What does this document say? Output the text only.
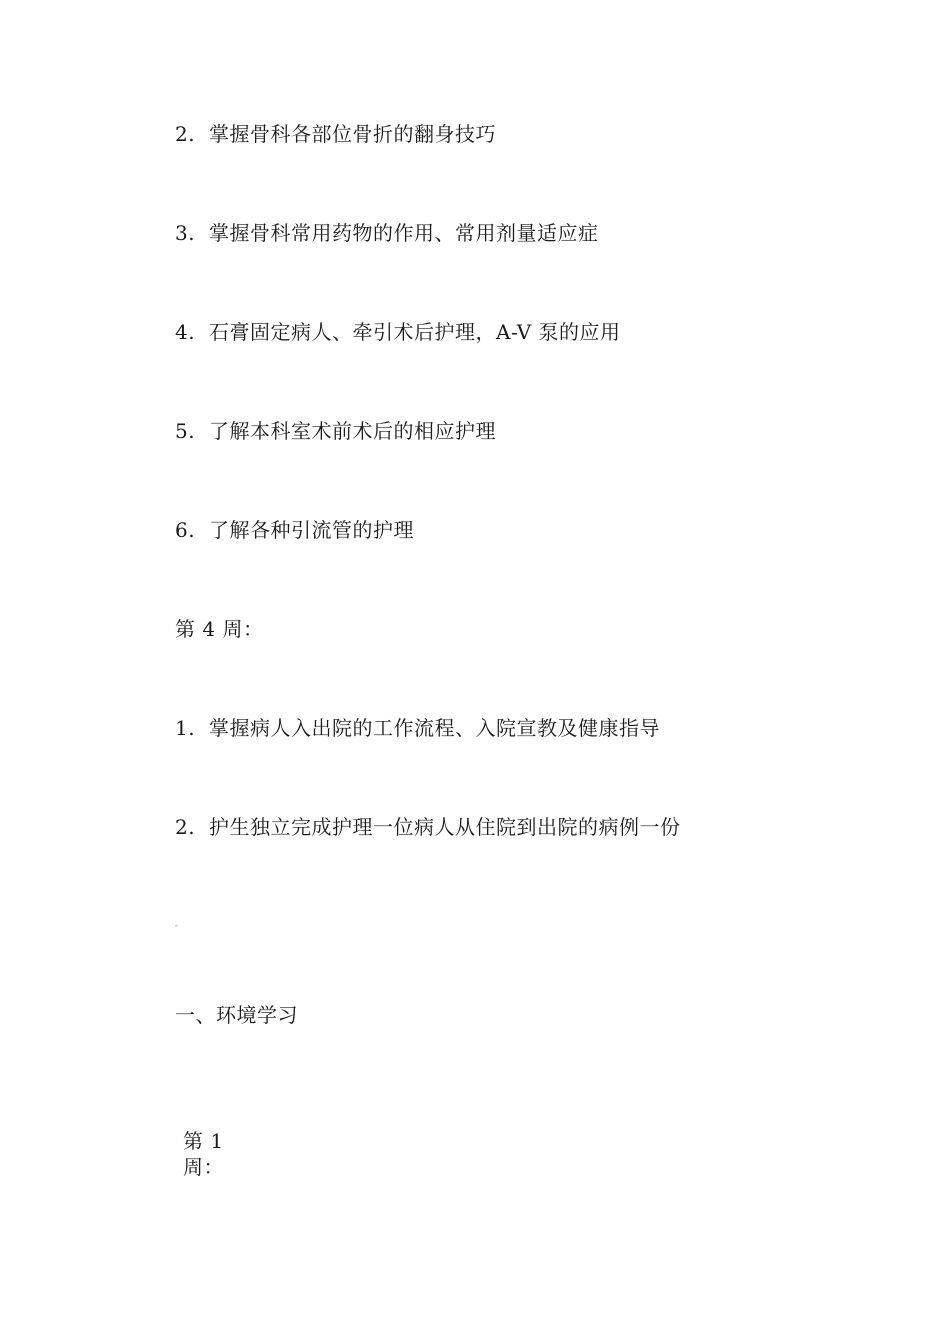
2. 掌握骨科各部位骨折的翻身技巧
3. 掌握骨科常用药物的作用、常用剂量适应症
4. 石膏固定病人、牵引术后护理，A-V 泵的应用
5. 了解本科室术前术后的相应护理
6. 了解各种引流管的护理
第 4 周：
1. 掌握病人入出院的工作流程、入院宣教及健康指导
2. 护生独立完成护理一位病人从住院到出院的病例一份
。
一、环境学习
第 1
周：
